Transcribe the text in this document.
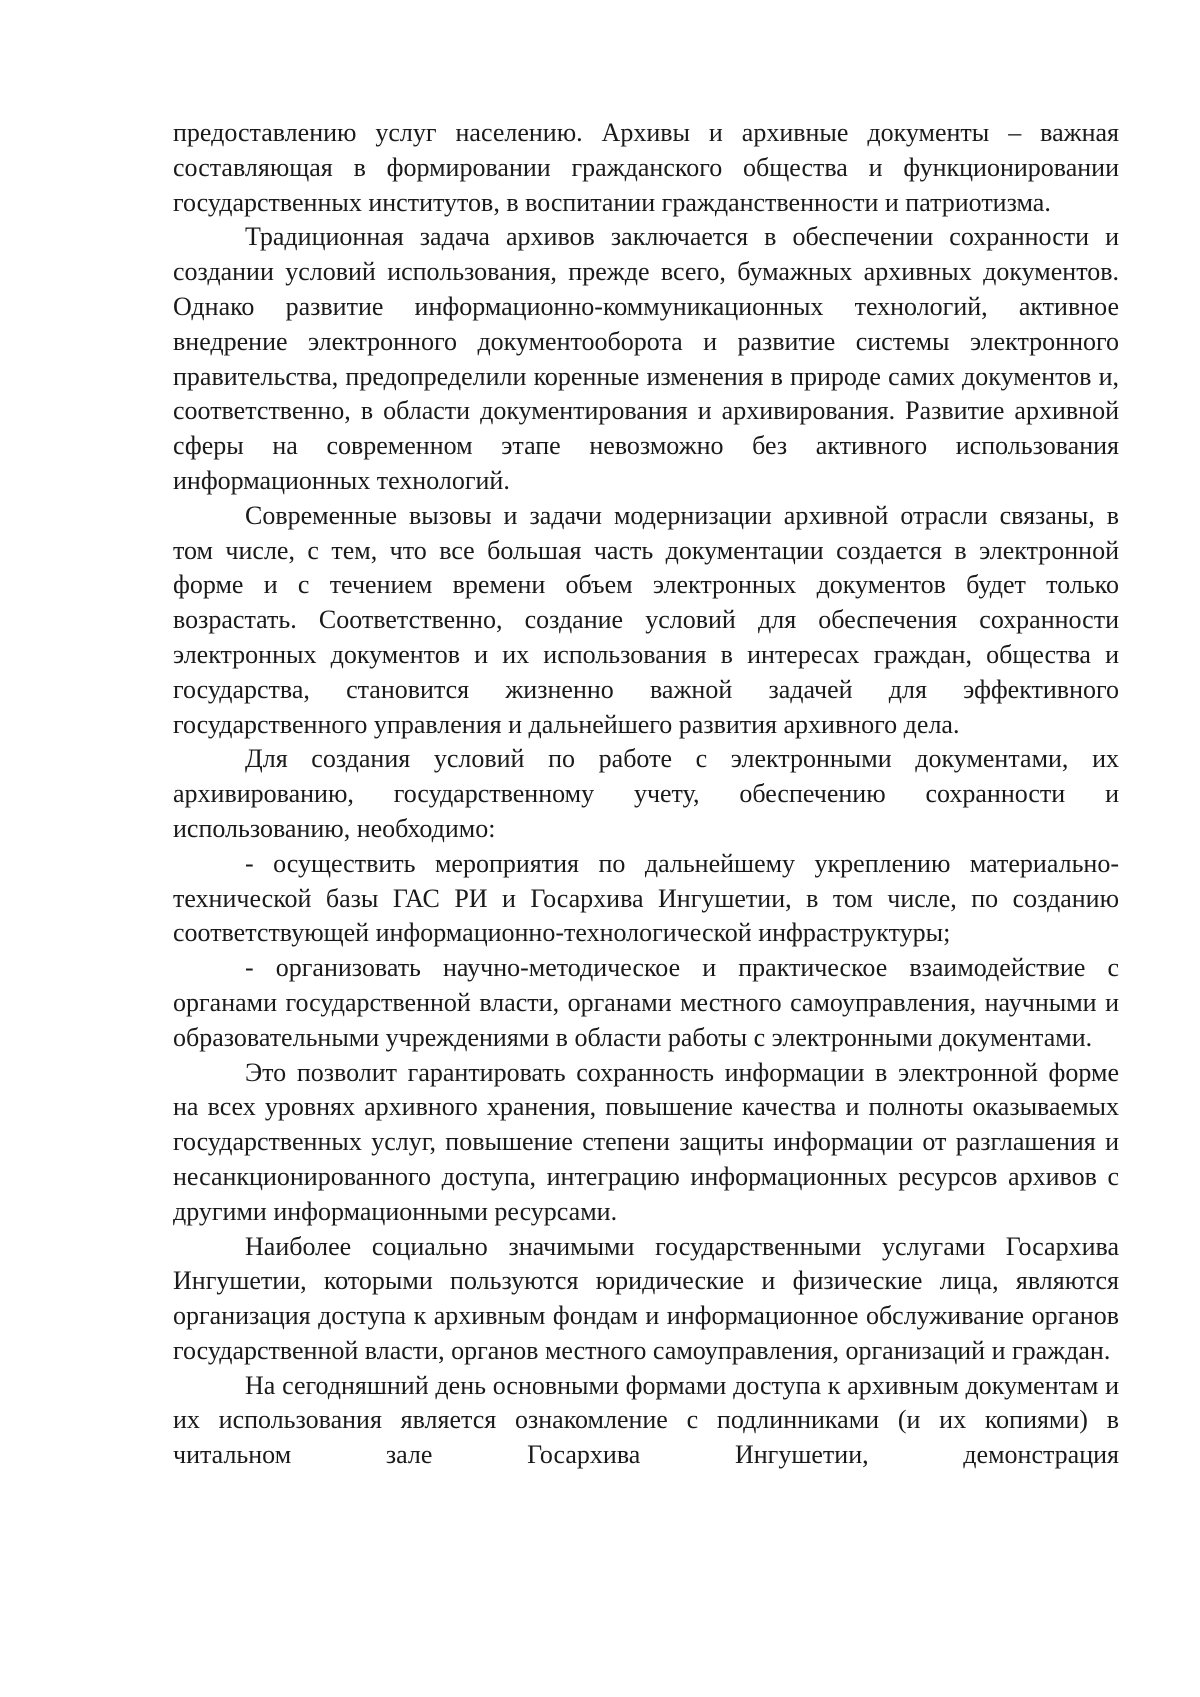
предоставлению услуг населению. Архивы и архивные документы – важная составляющая в формировании гражданского общества и функционировании государственных институтов, в воспитании гражданственности и патриотизма.

Традиционная задача архивов заключается в обеспечении сохранности и создании условий использования, прежде всего, бумажных архивных документов. Однако развитие информационно-коммуникационных технологий, активное внедрение электронного документооборота и развитие системы электронного правительства, предопределили коренные изменения в природе самих документов и, соответственно, в области документирования и архивирования. Развитие архивной сферы на современном этапе невозможно без активного использования информационных технологий.

Современные вызовы и задачи модернизации архивной отрасли связаны, в том числе, с тем, что все большая часть документации создается в электронной форме и с течением времени объем электронных документов будет только возрастать. Соответственно, создание условий для обеспечения сохранности электронных документов и их использования в интересах граждан, общества и государства, становится жизненно важной задачей для эффективного государственного управления и дальнейшего развития архивного дела.

Для создания условий по работе с электронными документами, их архивированию, государственному учету, обеспечению сохранности и использованию, необходимо:

- осуществить мероприятия по дальнейшему укреплению материально-технической базы ГАС РИ и Госархива Ингушетии, в том числе, по созданию соответствующей информационно-технологической инфраструктуры;

- организовать научно-методическое и практическое взаимодействие с органами государственной власти, органами местного самоуправления, научными и образовательными учреждениями в области работы с электронными документами.

Это позволит гарантировать сохранность информации в электронной форме на всех уровнях архивного хранения, повышение качества и полноты оказываемых государственных услуг, повышение степени защиты информации от разглашения и несанкционированного доступа, интеграцию информационных ресурсов архивов с другими информационными ресурсами.

Наиболее социально значимыми государственными услугами Госархива Ингушетии, которыми пользуются юридические и физические лица, являются организация доступа к архивным фондам и информационное обслуживание органов государственной власти, органов местного самоуправления, организаций и граждан.

На сегодняшний день основными формами доступа к архивным документам и их использования является ознакомление с подлинниками (и их копиями) в читальном зале Госархива Ингушетии, демонстрация
